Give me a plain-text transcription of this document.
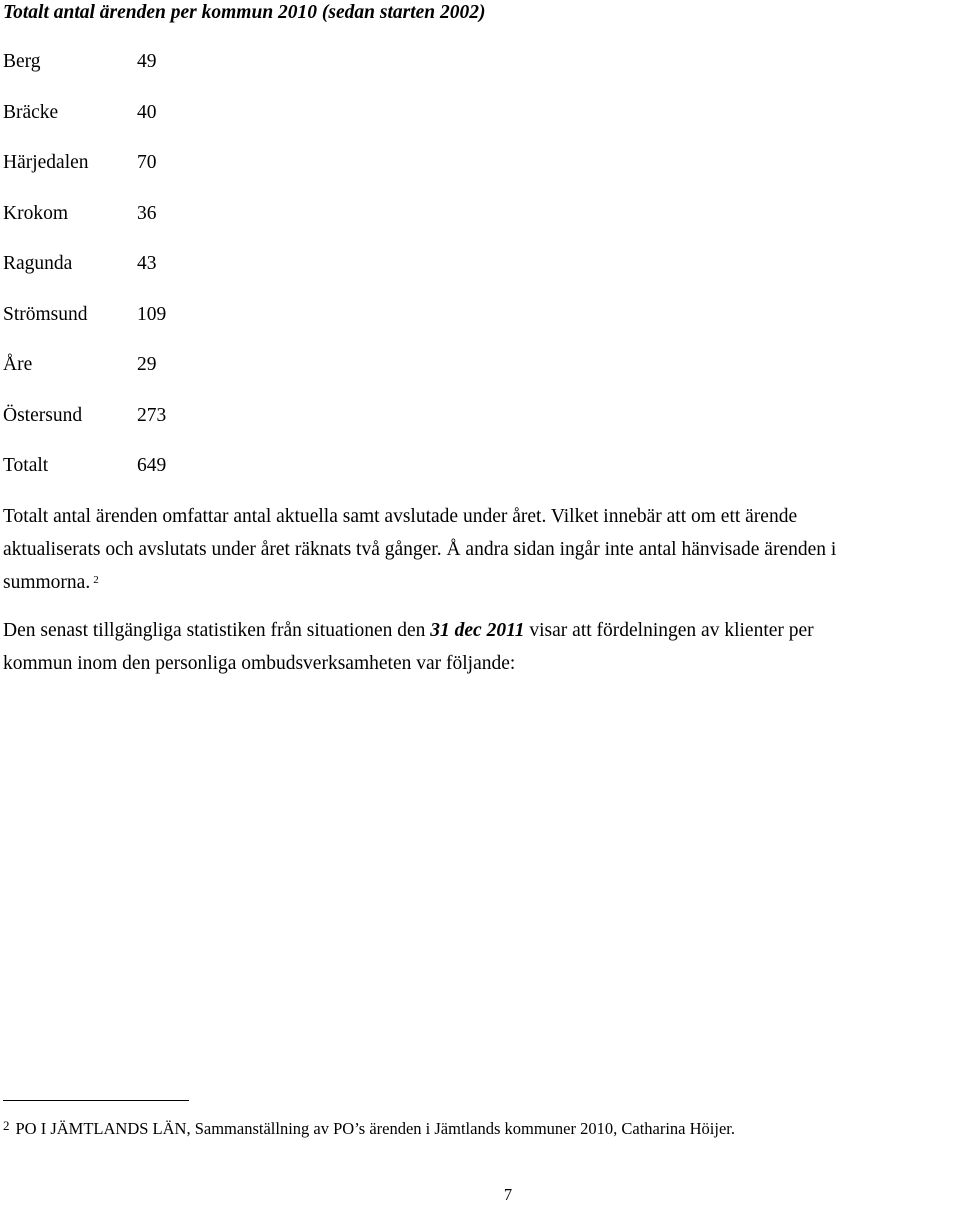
Totalt antal ärenden per kommun 2010 (sedan starten 2002)
Berg	49
Bräcke	40
Härjedalen	70
Krokom	36
Ragunda	43
Strömsund	109
Åre	29
Östersund	273
Totalt	649
Totalt antal ärenden omfattar antal aktuella samt avslutade under året. Vilket innebär att om ett ärende
aktualiserats och avslutats under året räknats två gånger. Å andra sidan ingår inte antal hänvisade ärenden i
summorna. $^2$
Den senast tillgängliga statistiken från situationen den 31 dec 2011 visar att fördelningen av klienter per
kommun inom den personliga ombudsverksamheten var följande:
$^2$ PO I JÄMTLANDS LÄN, Sammanställning av PO’s ärenden i Jämtlands kommuner 2010, Catharina Höijer.
7
